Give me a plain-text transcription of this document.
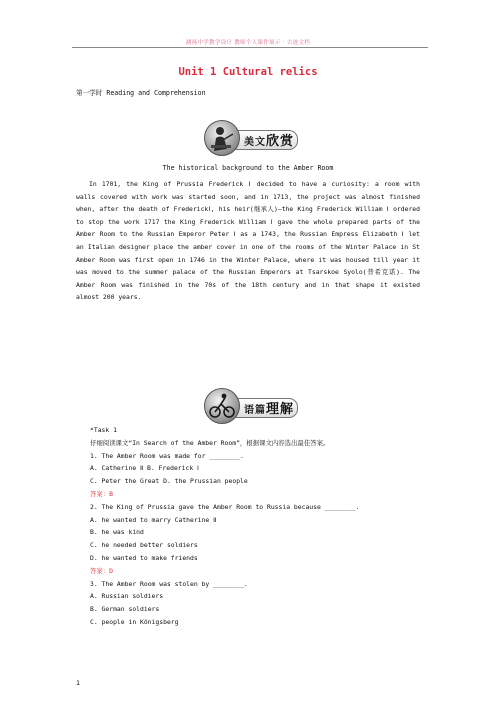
涵扬中学教学设计 教师个人课件展示 · 古迹文档
Unit 1 Cultural relics
第一学时 Reading and Comprehension
美 文 欣 赏
The historical background to the Amber Room
In 1701, the King of Prussia Frederick Ⅰ decided to have a curiosity: a room with walls covered with work was started soon, and in 1713, the project was almost finished when, after the death of FrederickⅠ, his heir(继承人)—the King Frederick William Ⅰ ordered to stop the work 1717 the King Frederick William Ⅰ gave the whole prepared parts of the Amber Room to the Russian Emperor Peter Ⅰ as a 1743, the Russian Empress Elizabeth Ⅰ let an Italian designer place the amber cover in one of the rooms of the Winter Palace in St Amber Room was first open in 1746 in the Winter Palace, where it was housed till year it was moved to the summer palace of the Russian Emperors at Tsarskoe Syolo(普希克诺). The Amber Room was finished in the 70s of the 18th century and in that shape it existed almost 200 years.
语 篇 理 解
*Task 1
仔细阅读课文“In Search of the Amber Room”，根据课文内容选出最佳答案。
1. The Amber Room was made for ________.
A. Catherine Ⅱ B. Frederick Ⅰ
C. Peter the Great D. the Prussian people
答案：B
2. The King of Prussia gave the Amber Room to Russia because ________.
A. he wanted to marry Catherine Ⅱ
B. he was kind
C. he needed better soldiers
D. he wanted to make friends
答案：D
3. The Amber Room was stolen by ________.
A. Russian soldiers
B. German soldiers
C. people in Königsberg
1
